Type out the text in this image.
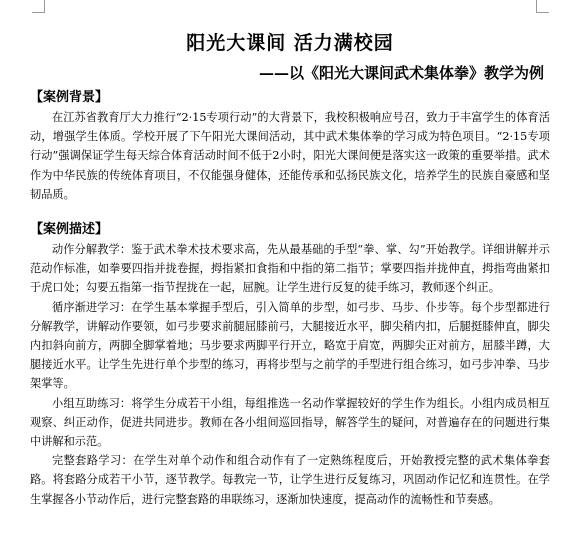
阳光大课间 活力满校园
——以《阳光大课间武术集体拳》教学为例
【案例背景】

在江苏省教育厅大力推行“2·15专项行动”的大背景下，我校积极响应号召，致力于丰富学生的体育活动，增强学生体质。学校开展了下午阳光大课间活动，其中武术集体拳的学习成为特色项目。“2·15专项行动”强调保证学生每天综合体育活动时间不低于2小时，阳光大课间便是落实这一政策的重要举措。武术作为中华民族的传统体育项目，不仅能强身健体，还能传承和弘扬民族文化，培养学生的民族自豪感和坚韧品质。

【案例描述】

动作分解教学：鉴于武术拳术技术要求高，先从最基础的手型“拳、掌、勾”开始教学。详细讲解并示范动作标准，如拳要四指并拢卷握，拇指紧扣食指和中指的第二指节；掌要四指并拢伸直，拇指弯曲紧扣于虎口处；勾要五指第一指节捏拢在一起，屈腕。让学生进行反复的徒手练习，教师逐个纠正。

循序渐进学习：在学生基本掌握手型后，引入简单的步型，如弓步、马步、仆步等。每个步型都进行分解教学，讲解动作要领，如弓步要求前腿屈膝前弓，大腿接近水平，脚尖稍内扣，后腿挺膝伸直，脚尖内扣斜向前方，两脚全脚掌着地；马步要求两脚平行开立，略宽于肩宽，两脚尖正对前方，屈膝半蹲，大腿接近水平。让学生先进行单个步型的练习，再将步型与之前学的手型进行组合练习，如弓步冲拳、马步架掌等。

小组互助练习：将学生分成若干小组，每组推选一名动作掌握较好的学生作为组长。小组内成员相互观察、纠正动作，促进共同进步。教师在各小组间巡回指导，解答学生的疑问，对普遍存在的问题进行集中讲解和示范。

完整套路学习：在学生对单个动作和组合动作有了一定熟练程度后，开始教授完整的武术集体拳套路。将套路分成若干小节，逐节教学。每教完一节，让学生进行反复练习，巩固动作记忆和连贯性。在学生掌握各小节动作后，进行完整套路的串联练习，逐渐加快速度，提高动作的流畅性和节奏感。
